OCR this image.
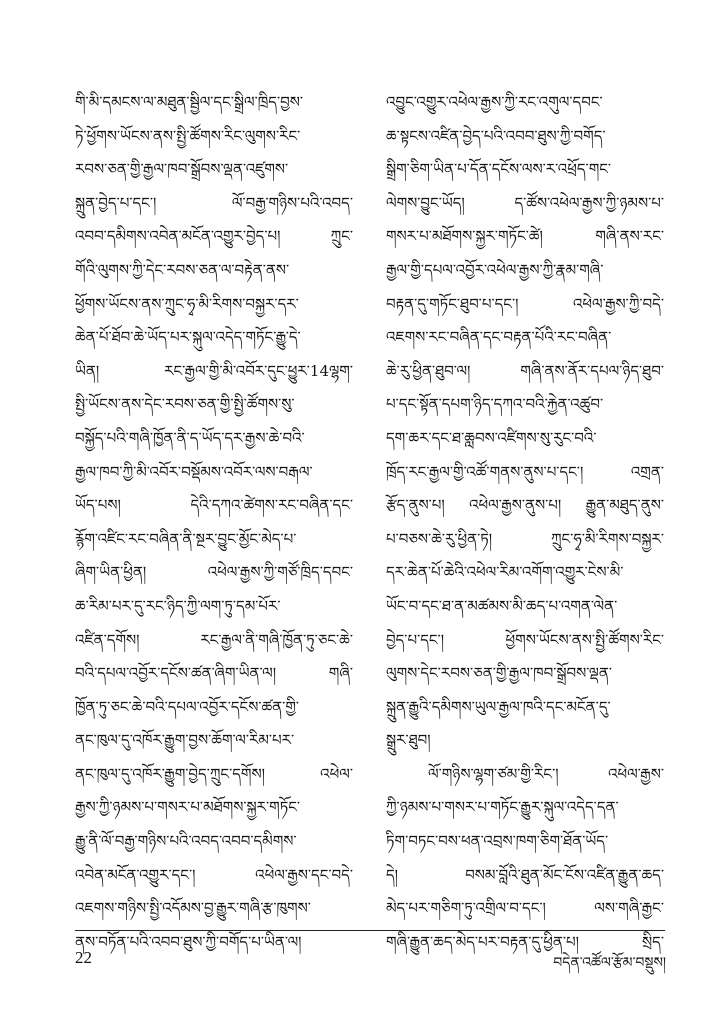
གི་མི་དམངས་ལ་མཐུན་སྦྱིལ་དང་སྒྲིལ་ཁྲིད་བྱས་
ཏེ་ཕྱོགས་ཡོངས་ནས་སྤྱི་ཚོགས་རིང་ལུགས་རིང་
རབས་ཅན་གྱི་རྒྱལ་ཁབ་སྒྲོབས་ལྡན་འཛུགས་
སྐྲུན་བྱེད་པ་དང་། ལོ་བརྒྱ་གཉིས་པའི་འབད་
འབབ་དམིགས་འབེན་མངོན་འགྱུར་བྱེད་པ། ཀྲུང་
གོའི་ལུགས་ཀྱི་དེང་རབས་ཅན་ལ་བརྟེན་ནས་
ཕྱོགས་ཡོངས་ནས་ཀྲུང་ཧྭ་མི་རིགས་བསྐྱར་དར་
ཆེན་པོ་ཐོབ་ཆེ་ཡོད་པར་སྐུལ་འདེད་གཏོང་རྒྱུ་དེ་
ཡིན། རང་རྒྱལ་གྱི་མི་འབོར་དུང་ཕྱུར་14ལྷག་
སྤྱི་ཡོངས་ནས་དེང་རབས་ཅན་གྱི་སྤྱི་ཚོགས་སུ་
བསྐྱོད་པའི་གཞི་ཁྱོན་ནི་ད་ཡོད་དར་རྒྱས་ཆེ་བའི་
རྒྱལ་ཁབ་ཀྱི་མི་འབོར་བསྡོམས་འབོར་ལས་བརྒལ་
ཡོད་པས། དེའི་དཀའ་ཚེགས་རང་བཞིན་དང་
རྙོག་འཛིང་རང་བཞིན་ནི་སྔར་བྱུང་མྱོང་མེད་པ་
ཞིག་ཡིན་ཕྱིན། འཕེལ་རྒྱས་ཀྱི་གཙོ་ཁྲིད་དབང་
ཆ་རིམ་པར་དུ་རང་ཉིད་ཀྱི་ལག་ཏུ་དམ་པོར་
འཛིན་དགོས། རང་རྒྱལ་ནི་གཞི་ཁྱོན་ཏུ་ཅང་ཆེ་
བའི་དཔལ་འབྱོར་དངོས་ཚན་ཞིག་ཡིན་ལ། གཞི་
ཁྱོན་ཏུ་ཅང་ཆེ་བའི་དཔལ་འབྱོར་དངོས་ཚན་གྱི་
ནང་ཁུལ་དུ་འཁོར་རྒྱུག་བྱས་ཆོག་ལ་རིམ་པར་
ནང་ཁུལ་དུ་འཁོར་རྒྱུག་བྱེད་ཀྲུང་དགོས། འཕེལ་
རྒྱས་ཀྱི་ཉམས་པ་གསར་པ་མཐོགས་སྐྱར་གཏོང་
རྒྱུ་ནི་ལོ་བརྒྱ་གཉིས་པའི་འབད་འབབ་དམིགས་
འབེན་མངོན་འགྱུར་དང་། འཕེལ་རྒྱས་དང་བདེ་
འཇགས་གཉིས་སྤྱི་འདོམས་བྱ་རྒྱུར་གཞི་རྩ་ཁུགས་
ནས་བཏོན་པའི་འབབ་ཐུས་ཀྱི་བགོད་པ་ཡིན་ལ།
འབྱུང་འགྱུར་འཕེལ་རྒྱས་ཀྱི་རང་འགུལ་དབང་
ཆ་སྟངས་འཛིན་བྱེད་པའི་འབབ་ཐུས་ཀྱི་བགོད་
སྒྲིག་ཅིག་ཡིན་པ་དོན་དངོས་ལས་ར་འཕྲོད་གང་
ལེགས་བྱུང་ཡོད། ད་ཚོས་འཕེལ་རྒྱས་ཀྱི་ཉམས་པ་
གསར་པ་མཐོགས་སྐྱར་གཏོང་ཚེ། གཞི་ནས་རང་
རྒྱལ་གྱི་དཔལ་འབྱོར་འཕེལ་རྒྱས་ཀྱི་རྣམ་གཞི་
བརྟན་དུ་གཏོང་ཐུབ་པ་དང་། འཕེལ་རྒྱས་ཀྱི་བདེ་
འཇགས་རང་བཞིན་དང་བརྟན་པོའི་རང་བཞིན་
ཆེ་རུ་ཕྱིན་ཐུབ་ལ། གཞི་ནས་ནོར་དཔལ་ཉིད་ཐུབ་
པ་དང་སྟོན་དཔག་ཉིད་དཀའ་བའི་རྐྱེན་འཚུབ་
དག་ཆར་དང་ཐ་ཆླབས་འཛིགས་སུ་རུང་བའི་
ཁྲོད་རང་རྒྱལ་གྱི་འཚོ་གནས་ནུས་པ་དང་། འགྲན་
རྩོད་ནུས་པ། འཕེལ་རྒྱས་ནུས་པ། རྒྱུན་མཐུད་ནུས་
པ་བཅས་ཆེ་རུ་ཕྱིན་ཏེ། ཀྲུང་ཧྭ་མི་རིགས་བསྐྱར་
དར་ཆེན་པོ་ཆེའི་འཕེལ་རིམ་འགོག་འགྱུར་ངེས་མི་
ཡོང་བ་དང་ཐ་ན་མཚམས་མི་ཆད་པ་འགན་ལེན་
བྱེད་པ་དང་། ཕྱོགས་ཡོངས་ནས་སྤྱི་ཚོགས་རིང་
ལུགས་དེང་རབས་ཅན་གྱི་རྒྱལ་ཁབ་སྒྲོབས་ལྡན་
སྐྲུན་རྒྱུའི་དམིགས་ཡུལ་རྒྱལ་ཁའི་དང་མངོན་དུ་
སྒྲུར་ཐུབ།
ལོ་གཉིས་ལྷག་ཙམ་གྱི་རིང་། འཕེལ་རྒྱས་
ཀྱི་ཉམས་པ་གསར་པ་གཏོང་རྒྱུར་སྐུལ་འདེད་དན་
ཏིག་བཏང་བས་ཕན་འབྲས་ཁག་ཅིག་ཐོན་ཡོད་
དེ། བསམ་བློའི་ཐུན་མོང་ངོས་འཛིན་རྒྱུན་ཆད་
མེད་པར་གཅིག་ཏུ་འགྲིལ་བ་དང་། ལས་གཞི་རྒྱང་
གཞི་རྒྱུན་ཆད་མེད་པར་བརྟན་དུ་ཕྱིན་པ། སྲིད་
22	བདེན་འཚོལ་རྩོམ་བསྡུས།
